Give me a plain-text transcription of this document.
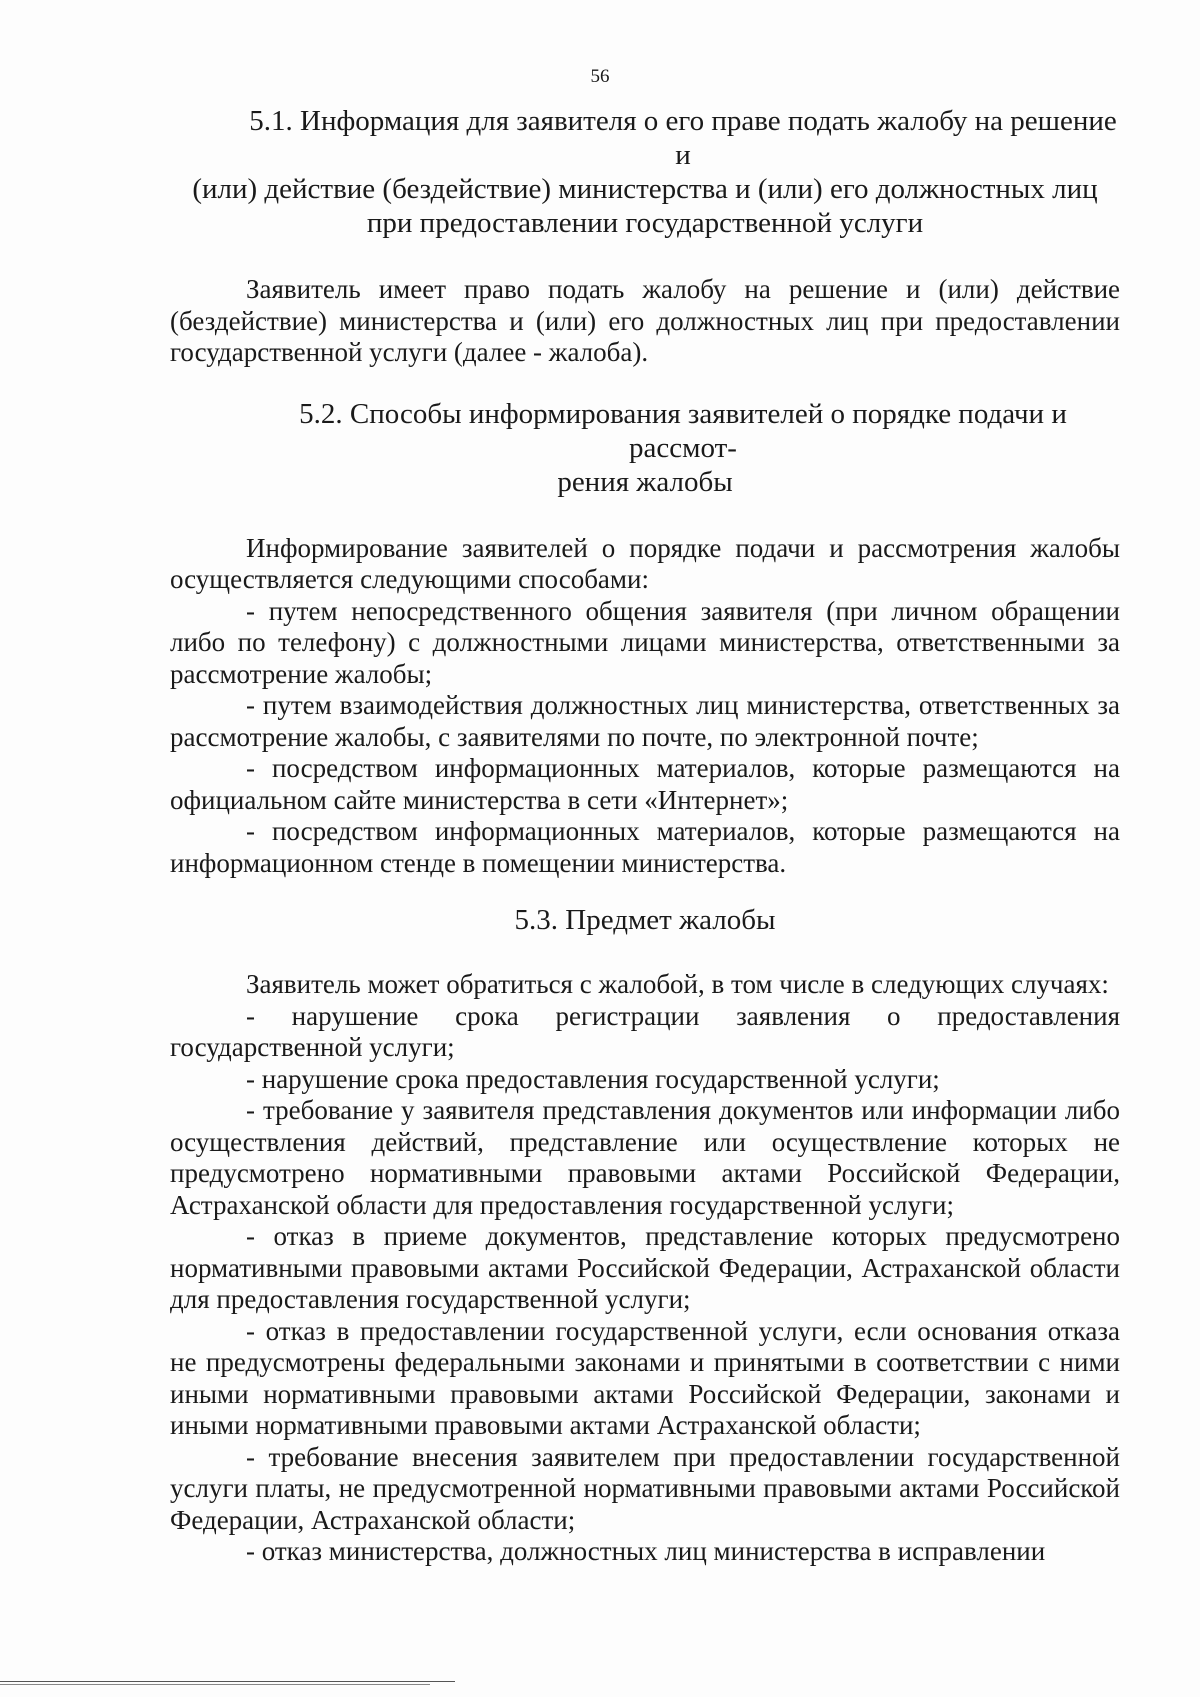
56
5.1. Информация для заявителя о его праве подать жалобу на решение и
(или) действие (бездействие) министерства и (или) его должностных лиц при предоставлении государственной услуги

Заявитель имеет право подать жалобу на решение и (или) действие (бездействие) министерства и (или) его должностных лиц при предоставлении государственной услуги (далее - жалоба).

5.2. Способы информирования заявителей о порядке подачи и рассмот-
рения жалобы

Информирование заявителей о порядке подачи и рассмотрения жалобы осуществляется следующими способами:

- путем непосредственного общения заявителя (при личном обращении либо по телефону) с должностными лицами министерства, ответственными за рассмотрение жалобы;

- путем взаимодействия должностных лиц министерства, ответственных за рассмотрение жалобы, с заявителями по почте, по электронной почте;

- посредством информационных материалов, которые размещаются на официальном сайте министерства в сети «Интернет»;

- посредством информационных материалов, которые размещаются на информационном стенде в помещении министерства.

5.3. Предмет жалобы

Заявитель может обратиться с жалобой, в том числе в следующих случаях:

- нарушение срока регистрации заявления о предоставления государственной услуги;

- нарушение срока предоставления государственной услуги;

- требование у заявителя представления документов или информации либо осуществления действий, представление или осуществление которых не предусмотрено нормативными правовыми актами Российской Федерации, Астраханской области для предоставления государственной услуги;

- отказ в приеме документов, представление которых предусмотрено нормативными правовыми актами Российской Федерации, Астраханской области для предоставления государственной услуги;

- отказ в предоставлении государственной услуги, если основания отказа не предусмотрены федеральными законами и принятыми в соответствии с ними иными нормативными правовыми актами Российской Федерации, законами и иными нормативными правовыми актами Астраханской области;

- требование внесения заявителем при предоставлении государственной услуги платы, не предусмотренной нормативными правовыми актами Российской Федерации, Астраханской области;

- отказ министерства, должностных лиц министерства в исправлении
